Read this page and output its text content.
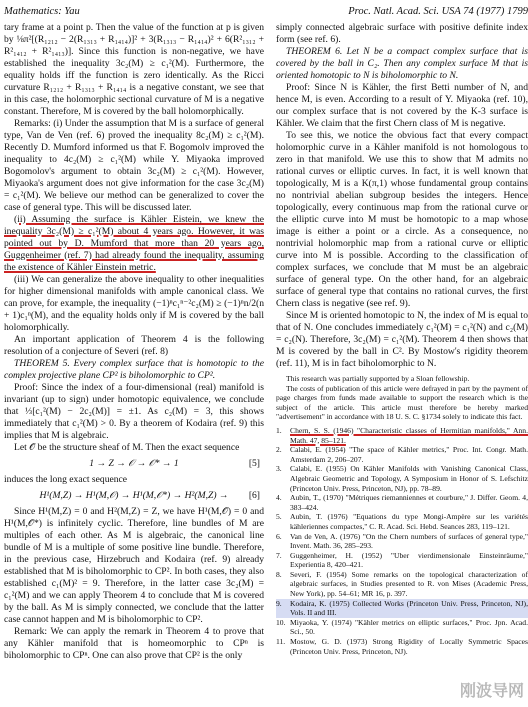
Mathematics: Yau	Proc. Natl. Acad. Sci. USA 74 (1977) 1799

tary frame at a point p. Then the value of the function at p is given by ⅛π²[(R₁₂₁₂ − 2(R₁₃₁₃ + R₁₄₁₄)]² + 3(R₁₃₁₃ − R₁₄₁₄)² + 6(R²₁₃₁₂ + R²₁₄₁₂ + R²₁₄₁₃)]. Since this function is non-negative, we have established the inequality 3c₂(M) ≥ c₁²(M). Furthermore, the equality holds iff the function is zero identically. As the Ricci curvature R₁₂₁₂ + R₁₃₁₃ + R₁₄₁₄ is a negative constant, we see that in this case, the holomorphic sectional curvature of M is a negative constant. Therefore, M is covered by the ball holomorphically.

Remarks: (i) Under the assumption that M is a surface of general type, Van de Ven (ref. 6) proved the inequality 8c₂(M) ≥ c₁²(M). Recently D. Mumford informed us that F. Bogomolv improved the inequality to 4c₂(M) ≥ c₁²(M) while Y. Miyaoka improved Bogomolov's argument to obtain 3c₂(M) ≥ c₁²(M). However, Miyaoka's argument does not give information for the case 3c₂(M) = c₁²(M). We believe our method can be generalized to cover the case of general type. This will be discussed later.

(ii) Assuming the surface is Kähler Eistein, we knew the inequality 3c₂(M) ≥ c₁²(M) about 4 years ago. However, it was pointed out by D. Mumford that more than 20 years ago, Guggenheimer (ref. 7) had already found the inequality, assuming the existence of Kähler Einstein metric.

(iii) We can generalize the above inequality to other inequalities for higher dimensional manifolds with ample canonical class. We can prove, for example, the inequality (−1)ⁿc₁ⁿ⁻²c₂(M) ≥ (−1)ⁿn/2(n + 1)c₁ⁿ(M), and the equality holds only if M is covered by the ball holomorphically.

An important application of Theorem 4 is the following resolution of a conjecture of Severi (ref. 8)

THEOREM 5. Every complex surface that is homotopic to the complex projective plane CP² is biholomorphic to CP².

Proof: Since the index of a four-dimensional (real) manifold is invariant (up to sign) under homotopic equivalence, we conclude that ⅓[c₁²(M) − 2c₂(M)] = ±1. As c₂(M) = 3, this shows immediately that c₁²(M) > 0. By a theorem of Kodaira (ref. 9) this implies that M is algebraic.

Let 𝒪 be the structure sheaf of M. Then the exact sequence

1 → Z → 𝒪 → 𝒪* → 1	[5]

induces the long exact sequence

H¹(M,Z) → H¹(M,𝒪) → H¹(M,𝒪*) → H²(M,Z) → [6]

Since H¹(M,Z) = 0 and H²(M,Z) = Z, we have H¹(M,𝒪) = 0 and H¹(M,𝒪*) is infinitely cyclic. Therefore, line bundles of M are multiples of each other. As M is algebraic, the canonical line bundle of M is a multiple of some positive line bundle. Therefore, in the previous case, Hirzebruch and Kodaira (ref. 9) already established that M is biholomorphic to CP². In both cases, they also established c₁(M)² = 9. Therefore, in the latter case 3c₂(M) = c₁²(M) and we can apply Theorem 4 to conclude that M is covered by the ball. As M is simply connected, we conclude that the latter case cannot happen and M is biholomorphic to CP².

Remark: We can apply the remark in Theorem 4 to prove that any Kähler manifold that is homeomorphic to CPⁿ is biholomorphic to CPⁿ. One can also prove that CP² is the only

simply connected algebraic surface with positive definite index form (see ref. 6).

THEOREM 6. Let N be a compact complex surface that is covered by the ball in C₂. Then any complex surface M that is oriented homotopic to N is biholomorphic to N.

Proof: Since N is Kähler, the first Betti number of N, and hence M, is even. According to a result of Y. Miyaoka (ref. 10), our complex surface that is not covered by the K-3 surface is Kähler. We claim that the first Chern class of M is negative.

To see this, we notice the obvious fact that every compact holomorphic curve in a Kähler manifold is not homologous to zero in that manifold. We use this to show that M admits no rational curves or elliptic curves. In fact, it is well known that topologically, M is a K(π,1) whose fundamental group contains no nontrivial abelian subgroup besides the integers. Hence topologically, every continuous map from the rational curve or the elliptic curve into M must be homotopic to a map whose image is either a point or a circle. As a consequence, no nontrivial holomorphic map from a rational curve or elliptic curve into M is possible. According to the classification of complex surfaces, we conclude that M must be an algebraic surface of general type. On the other hand, for an algebraic surface of general type that contains no rational curves, the first Chern class is negative (see ref. 9).

Since M is oriented homotopic to N, the index of M is equal to that of N. One concludes immediately c₁²(M) = c₁²(N) and c₂(M) = c₂(N). Therefore, 3c₂(M) = c₁²(M). Theorem 4 then shows that M is covered by the ball in C². By Mostow's rigidity theorem (ref. 11), M is in fact biholomorphic to N.

This research was partially supported by a Sloan fellowship.

The costs of publication of this article were defrayed in part by the payment of page charges from funds made available to support the research which is the subject of the article. This article must therefore be hereby marked "advertisement" in accordance with 18 U. S. C. §1734 solely to indicate this fact.

1. Chern, S. S. (1946) "Characteristic classes of Hermitian manifolds," Ann. Math. 47, 85–121.
2. Calabi, E. (1954) "The space of Kähler metrics," Proc. Int. Congr. Math. Amsterdam 2, 206–207.
3. Calabi, E. (1955) On Kähler Manifolds with Vanishing Canonical Class, Algebraic Geometric and Topology, A Symposium in Honor of S. Lefschitz (Princeton Univ. Press, Princeton, NJ), pp. 78–89.
4. Aubin, T., (1970) "Métriques riemanniennes et courbure," J. Differ. Geom. 4, 383–424.
5. Aubin, T. (1976) "Equations du type Mongi-Ampère sur les variétés kähleriennes compactes," C. R. Acad. Sci. Hebd. Seances 283, 119–121.
6. Van de Ven, A. (1976) "On the Chern numbers of surfaces of general type," Invent. Math. 36, 285–293.
7. Guggenheimer, H. (1952) "Uber vierdimensionale Einsteinräume," Experientia 8, 420–421.
8. Severi, F. (1954) Some remarks on the topological characterization of algebraic surfaces, in Studies presented to R. von Mises (Academic Press, New York), pp. 54–61; MR 16, p. 397.
9. Kodaira, K. (1975) Collected Works (Princeton Univ. Press, Princeton, NJ), Vols. II and III.
10. Miyaoka, Y. (1974) "Kähler metrics on elliptic surfaces," Proc. Jpn. Acad. Sci., 50.
11. Mostow, G. D. (1973) Strong Rigidity of Locally Symmetric Spaces (Princeton Univ. Press, Princeton, NJ).
刚波导网
